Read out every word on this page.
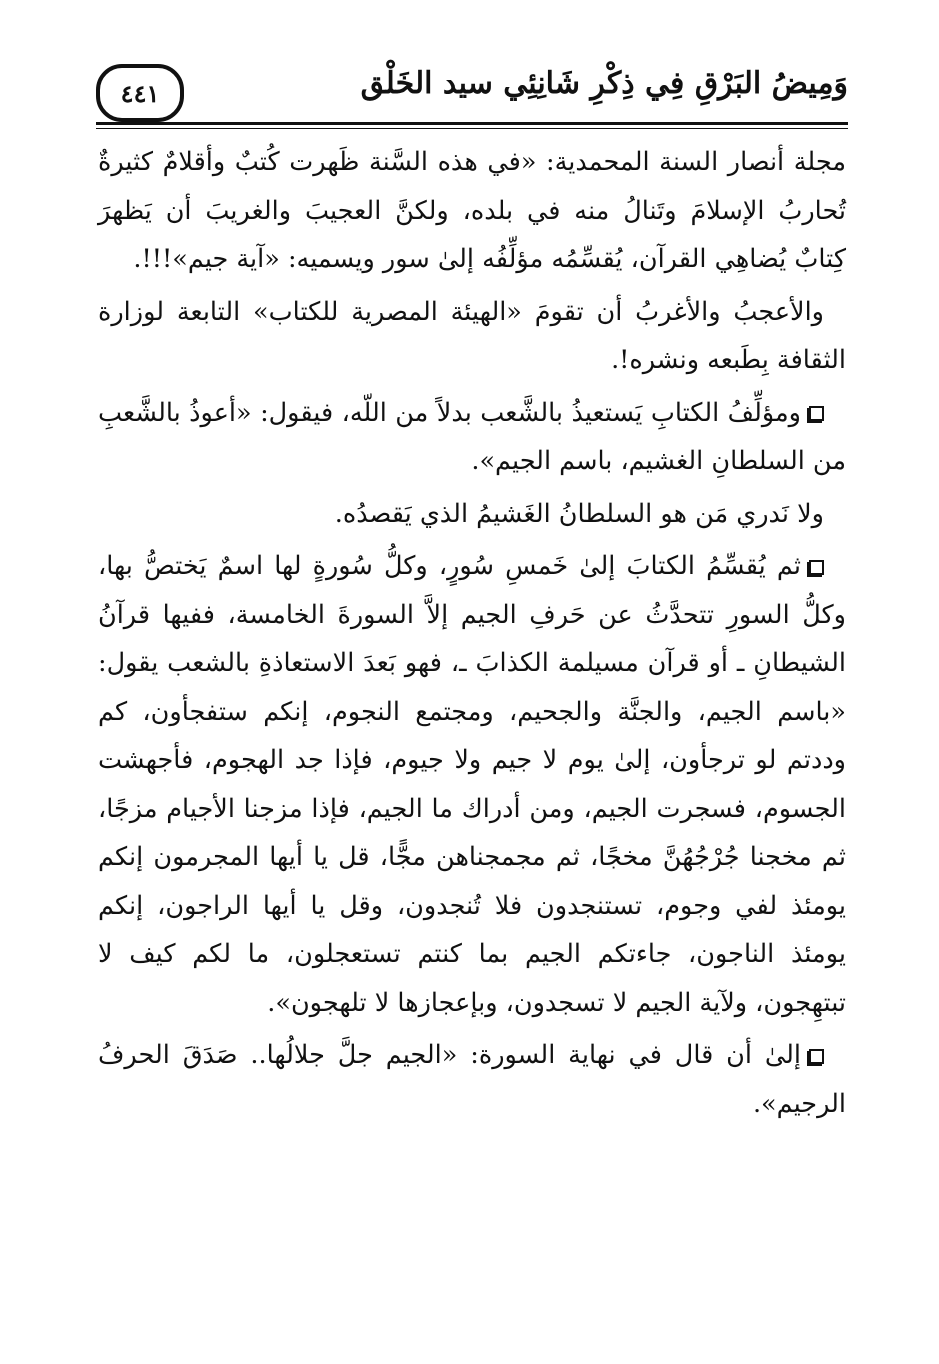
وَمِيضُ البَرْقِ فِي ذِكْرِ شَانِئِي سيد الخَلْق
٤٤١

مجلة أنصار السنة المحمدية: «في هذه السَّنة ظَهرت كُتبٌ وأقلامٌ كثيرةٌ تُحاربُ الإسلامَ وتَنالُ منه في بلده، ولكنَّ العجيبَ والغريبَ أن يَظهرَ كِتابٌ يُضاهِي القرآن، يُقسِّمُه مؤلِّفُه إلىٰ سور ويسميه: «آية جيم»!!!.

والأعجبُ والأغربُ أن تقومَ «الهيئة المصرية للكتاب» التابعة لوزارة الثقافة بِطَبعه ونشره!.

ومؤلِّفُ الكتابِ يَستعيذُ بالشَّعب بدلاً من اللّه، فيقول: «أعوذُ بالشَّعبِ من السلطانِ الغشيم، باسم الجيم».

ولا نَدري مَن هو السلطانُ الغَشيمُ الذي يَقصدُه.

ثم يُقسِّمُ الكتابَ إلىٰ خَمسِ سُورٍ، وكلُّ سُورةٍ لها اسمٌ يَختصُّ بها، وكلُّ السورِ تتحدَّثُ عن حَرفِ الجيم إلاَّ السورةَ الخامسة، ففيها قرآنُ الشيطانِ ـ أو قرآن مسيلمة الكذابَ ـ، فهو بَعدَ الاستعاذةِ بالشعب يقول: «باسم الجيم، والجنَّة والجحيم، ومجتمع النجوم، إنكم ستفجأون، كم وددتم لو ترجأون، إلىٰ يوم لا جيم ولا جيوم، فإذا جد الهجوم، فأجهشت الجسوم، فسجرت الجيم، ومن أدراك ما الجيم، فإذا مزجنا الأجيام مزجًا، ثم مخجنا جُرْجُهُنَّ مخجًا، ثم مجمجناهن مجًّا، قل يا أيها المجرمون إنكم يومئذ لفي وجوم، تستنجدون فلا تُنجدون، وقل يا أيها الراجون، إنكم يومئذ الناجون، جاءتكم الجيم بما كنتم تستعجلون، ما لكم كيف لا تبتهِجون، ولآية الجيم لا تسجدون، وبإعجازها لا تلهجون».

إلىٰ أن قال في نهاية السورة: «الجيم جلَّ جلالُها.. صَدَقَ الحرفُ الرجيم».
